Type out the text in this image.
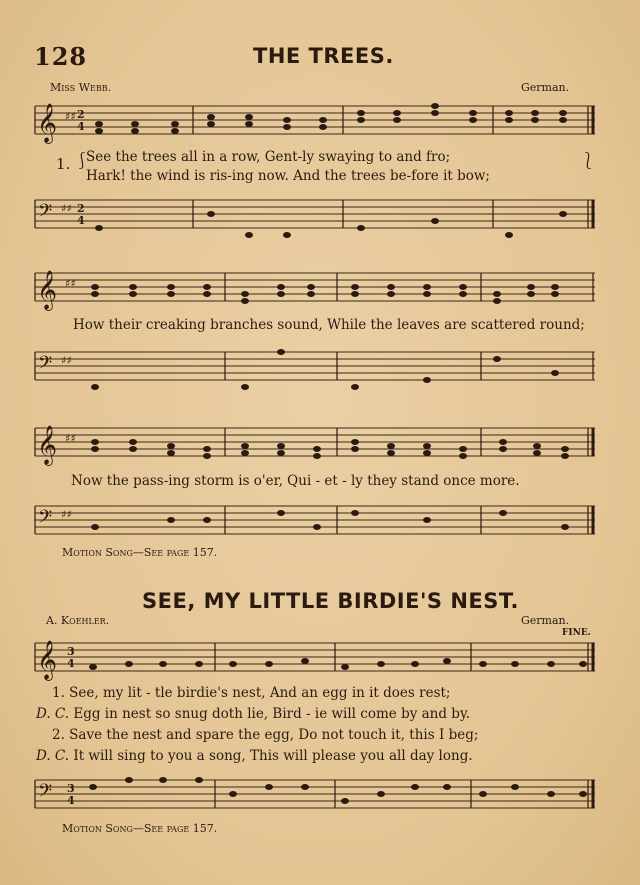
128	THE TREES.
Miss Webb.	German.
𝄞 ♯♯ 2
4
1. ⎰
See the trees all in a row, Gent-ly swaying to and fro;
Hark! the wind is ris-ing now. And the trees be-fore it bow;
⎱
𝄢 ♯♯ 2
4
𝄞 ♯♯
How their creaking branches sound, While the leaves are scattered round;
𝄢 ♯♯
𝄞 ♯♯
Now the pass-ing storm is o'er, Qui - et - ly they stand once more.
𝄢 ♯♯
Motion Song—See page 157.
SEE, MY LITTLE BIRDIE'S NEST.
A. Koehler.	German.
FINE.
𝄞 3
4
1. See, my lit - tle birdie's nest, And an egg in it does rest;
D. C. Egg in nest so snug doth lie, Bird - ie will come by and by.
2. Save the nest and spare the egg, Do not touch it, this I beg;
D. C. It will sing to you a song, This will please you all day long.
𝄢 3
4
Motion Song—See page 157.
